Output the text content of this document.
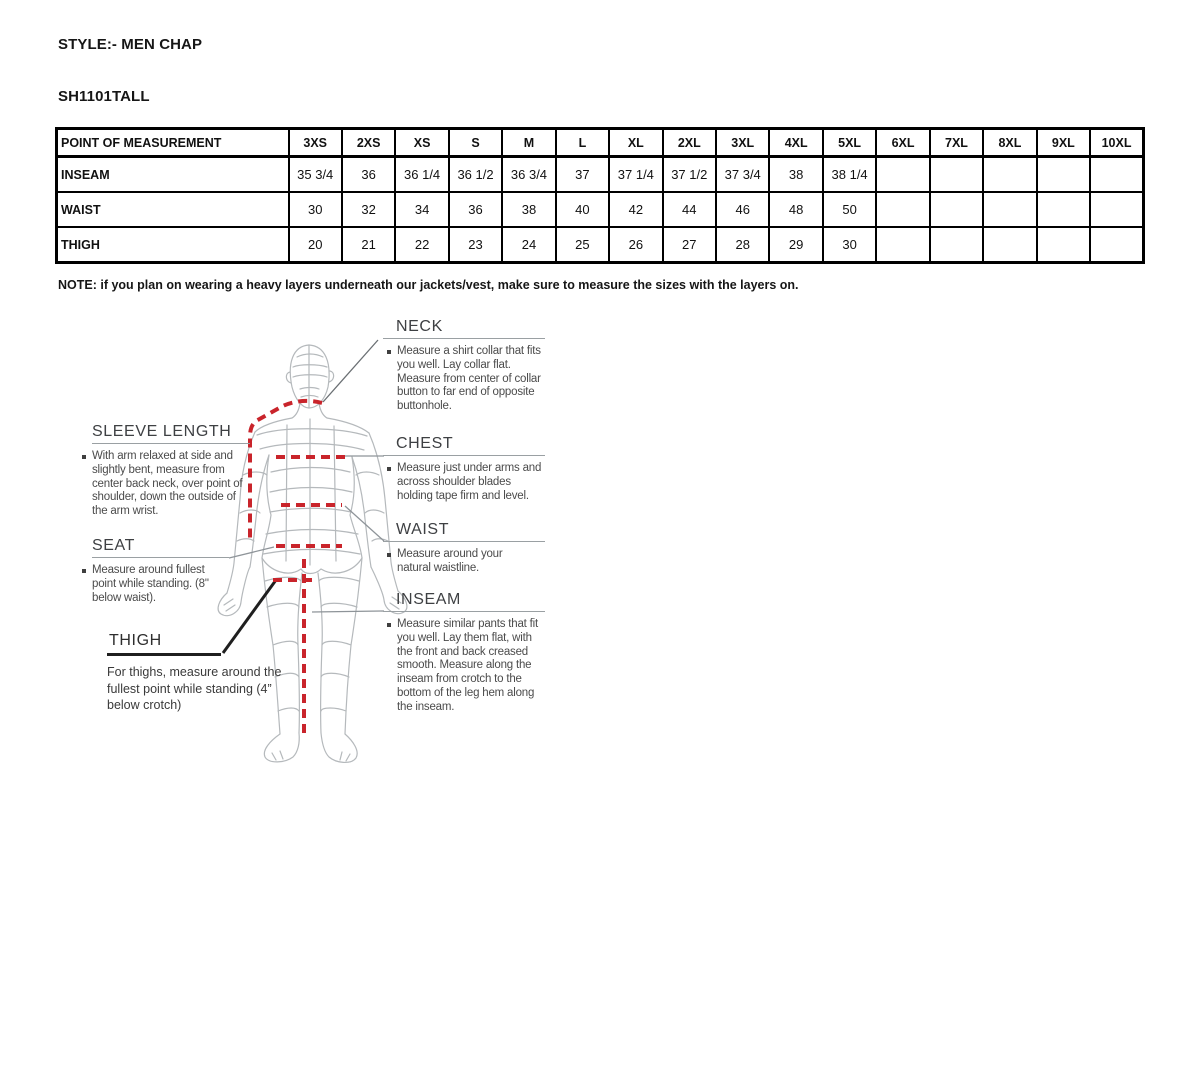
STYLE:- MEN CHAP
SH1101TALL
POINT OF MEASUREMENT	3XS	2XS	XS	S	M	L	XL	2XL	3XL	4XL	5XL	6XL	7XL	8XL	9XL	10XL
INSEAM	35 3/4	36	36 1/4	36 1/2	36 3/4	37	37 1/4	37 1/2	37 3/4	38	38 1/4					
WAIST	30	32	34	36	38	40	42	44	46	48	50					
THIGH	20	21	22	23	24	25	26	27	28	29	30					
NOTE: if you plan on wearing a heavy layers underneath our jackets/vest, make sure to measure the sizes with the layers on.
NECK
Measure a shirt collar that fits you well. Lay collar flat. Measure from center of collar button to far end of opposite buttonhole.
CHEST
Measure just under arms and across shoulder blades holding tape firm and level.
WAIST
Measure around your natural waistline.
INSEAM
Measure similar pants that fit you well. Lay them flat, with the front and back creased smooth. Measure along the inseam from crotch to the bottom of the leg hem along the inseam.
SLEEVE LENGTH
With arm relaxed at side and slightly bent, measure from center back neck, over point of shoulder, down the outside of the arm wrist.
SEAT
Measure around fullest point while standing. (8" below waist).
THIGH
For thighs, measure around the fullest point while standing (4” below crotch)
